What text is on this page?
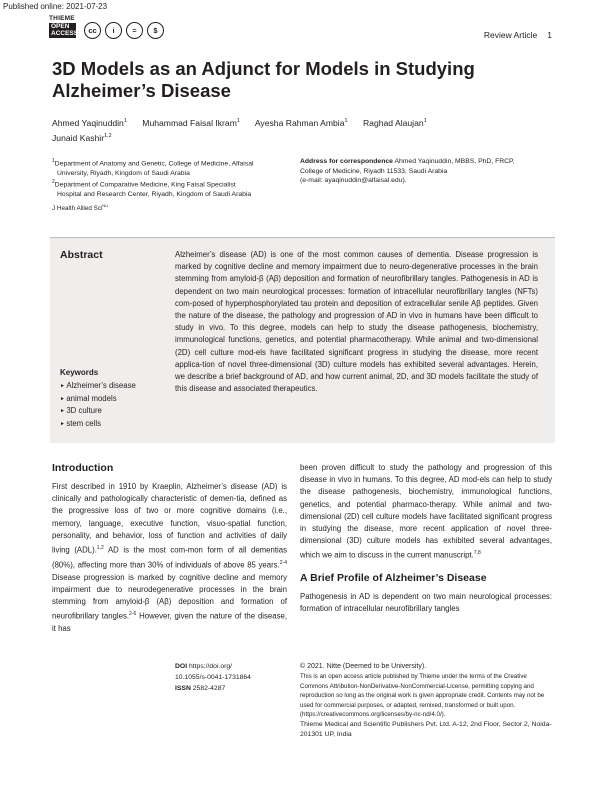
Published online: 2021-07-23
THIEME
OPEN
ACCESS	cc	i	=	$	Review Article 1
3D Models as an Adjunct for Models in Studying Alzheimer’s Disease
Ahmed Yaqinuddin$^1$ Muhammad Faisal Ikram$^1$ Ayesha Rahman Ambia$^1$ Raghad Alaujan$^1$
Junaid Kashir$^{1,2}$
$^1$Department of Anatomy and Genetic, College of Medicine, Alfaisal
University, Riyadh, Kingdom of Saudi Arabia
$^2$Department of Comparative Medicine, King Faisal Specialist
Hospital and Research Center, Riyadh, Kingdom of Saudi Arabia
Address for correspondence Ahmed Yaqinuddin, MBBS, PhD, FRCP,
College of Medicine, Riyadh 11533, Saudi Arabia
(e-mail: ayaqinuddin@alfaisal.edu).
J Health Allied Sci$^{NU}$
Abstract	Alzheimer’s disease (AD) is one of the most common causes of dementia. Disease progression is marked by cognitive decline and memory impairment due to neuro-degenerative processes in the brain stemming from amyloid-β (Aβ) deposition and formation of neurofibrillary tangles. Pathogenesis in AD is dependent on two main neurological processes: formation of intracellular neurofibrillary tangles (NFTs) com-posed of hyperphosphorylated tau protein and deposition of extracellular senile Aβ peptides. Given the nature of the disease, the pathology and progression of AD in vivo in humans have been difficult to study in vivo. To this degree, models can help to study the disease pathogenesis, biochemistry, immunological functions, genetics, and potential pharmacotherapy. While animal and two-dimensional (2D) cell culture mod-els have facilitated significant progress in studying the disease, more recent applica-tion of novel three-dimensional (3D) culture models has exhibited several advantages. Herein, we describe a brief background of AD, and how current animal, 2D, and 3D models facilitate the study of this disease and associated therapeutics.

Keywords
► Alzheimer’s disease
► animal models
► 3D culture
► stem cells
Introduction

First described in 1910 by Kraeplin, Alzheimer’s disease (AD) is clinically and pathologically characteristic of demen-tia, defined as the progressive loss of two or more cognitive domains (i.e., memory, language, executive function, visuo-spatial function, personality, and behavior, loss of function and activities of daily living (ADL).$^{1,2}$ AD is the most com-mon form of all dementias (80%), affecting more than 30% of individuals of above 85 years.$^{2-4}$ Disease progression is marked by cognitive decline and memory impairment due to neurodegenerative processes in the brain stemming from amyloid-β (Aβ) deposition and formation of neurofibrillary tangles.$^{2-6}$ However, given the nature of the disease, it has

been proven difficult to study the pathology and progression of this disease in vivo in humans. To this degree, AD mod-els can help to study the disease pathogenesis, biochemistry, immunological functions, genetics, and potential pharmaco-therapy. While animal and two-dimensional (2D) cell culture models have facilitated significant progress in studying the disease, more recent application of novel three-dimensional (3D) culture models has exhibited several advantages, which we aim to discuss in the current manuscript.$^{7,8}$

A Brief Profile of Alzheimer’s Disease

Pathogenesis in AD is dependent on two main neurological processes: formation of intracellular neurofibrillary tangles

DOI https://doi.org/
10.1055/s-0041-1731864
ISSN 2582-4287
© 2021. Nitte (Deemed to be University).

This is an open access article published by Thieme under the terms of the Creative Commons Attribution-NonDerivative-NonCommercial-License, permitting copying and reproduction so long as the original work is given appropriate credit. Contents may not be used for commercial purposes, or adapted, remixed, transformed or built upon. (https://creativecommons.org/licenses/by-nc-nd/4.0/).

Thieme Medical and Scientific Publishers Pvt. Ltd. A-12, 2nd Floor, Sector 2, Noida-201301 UP, India
